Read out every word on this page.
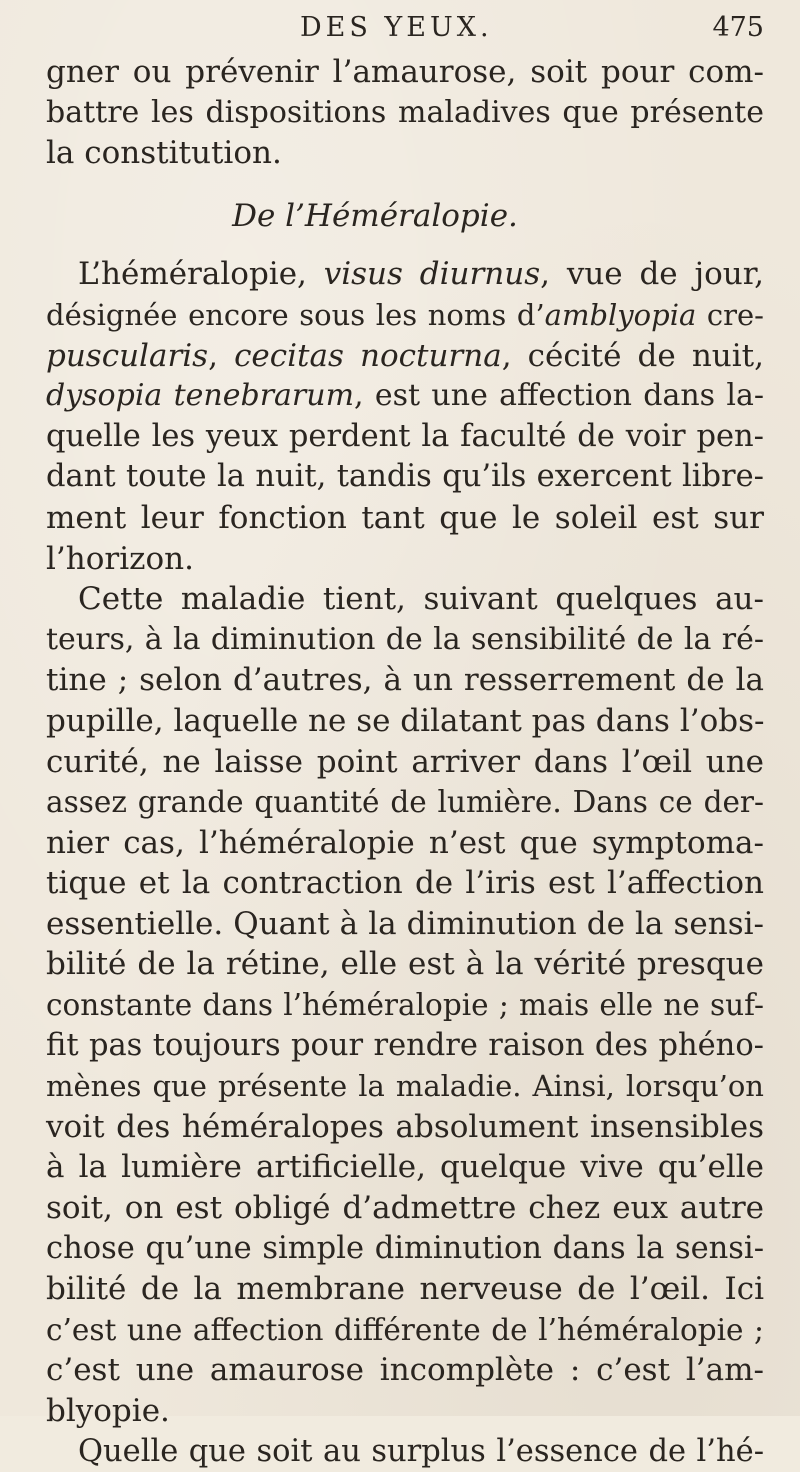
DES YEUX.	475
gner ou prévenir l’amaurose, soit pour com-
battre les dispositions maladives que présente
la constitution.
De l’Héméralopie.
L’héméralopie, visus diurnus, vue de jour,
désignée encore sous les noms d’amblyopia cre-
puscularis, cecitas nocturna, cécité de nuit,
dysopia tenebrarum, est une affection dans la-
quelle les yeux perdent la faculté de voir pen-
dant toute la nuit, tandis qu’ils exercent libre-
ment leur fonction tant que le soleil est sur
l’horizon.
Cette maladie tient, suivant quelques au-
teurs, à la diminution de la sensibilité de la ré-
tine ; selon d’autres, à un resserrement de la
pupille, laquelle ne se dilatant pas dans l’obs-
curité, ne laisse point arriver dans l’œil une
assez grande quantité de lumière. Dans ce der-
nier cas, l’héméralopie n’est que symptoma-
tique et la contraction de l’iris est l’affection
essentielle. Quant à la diminution de la sensi-
bilité de la rétine, elle est à la vérité presque
constante dans l’héméralopie ; mais elle ne suf-
fit pas toujours pour rendre raison des phéno-
mènes que présente la maladie. Ainsi, lorsqu’on
voit des héméralopes absolument insensibles
à la lumière artificielle, quelque vive qu’elle
soit, on est obligé d’admettre chez eux autre
chose qu’une simple diminution dans la sensi-
bilité de la membrane nerveuse de l’œil. Ici
c’est une affection différente de l’héméralopie ;
c’est une amaurose incomplète : c’est l’am-
blyopie.
Quelle que soit au surplus l’essence de l’hé-
